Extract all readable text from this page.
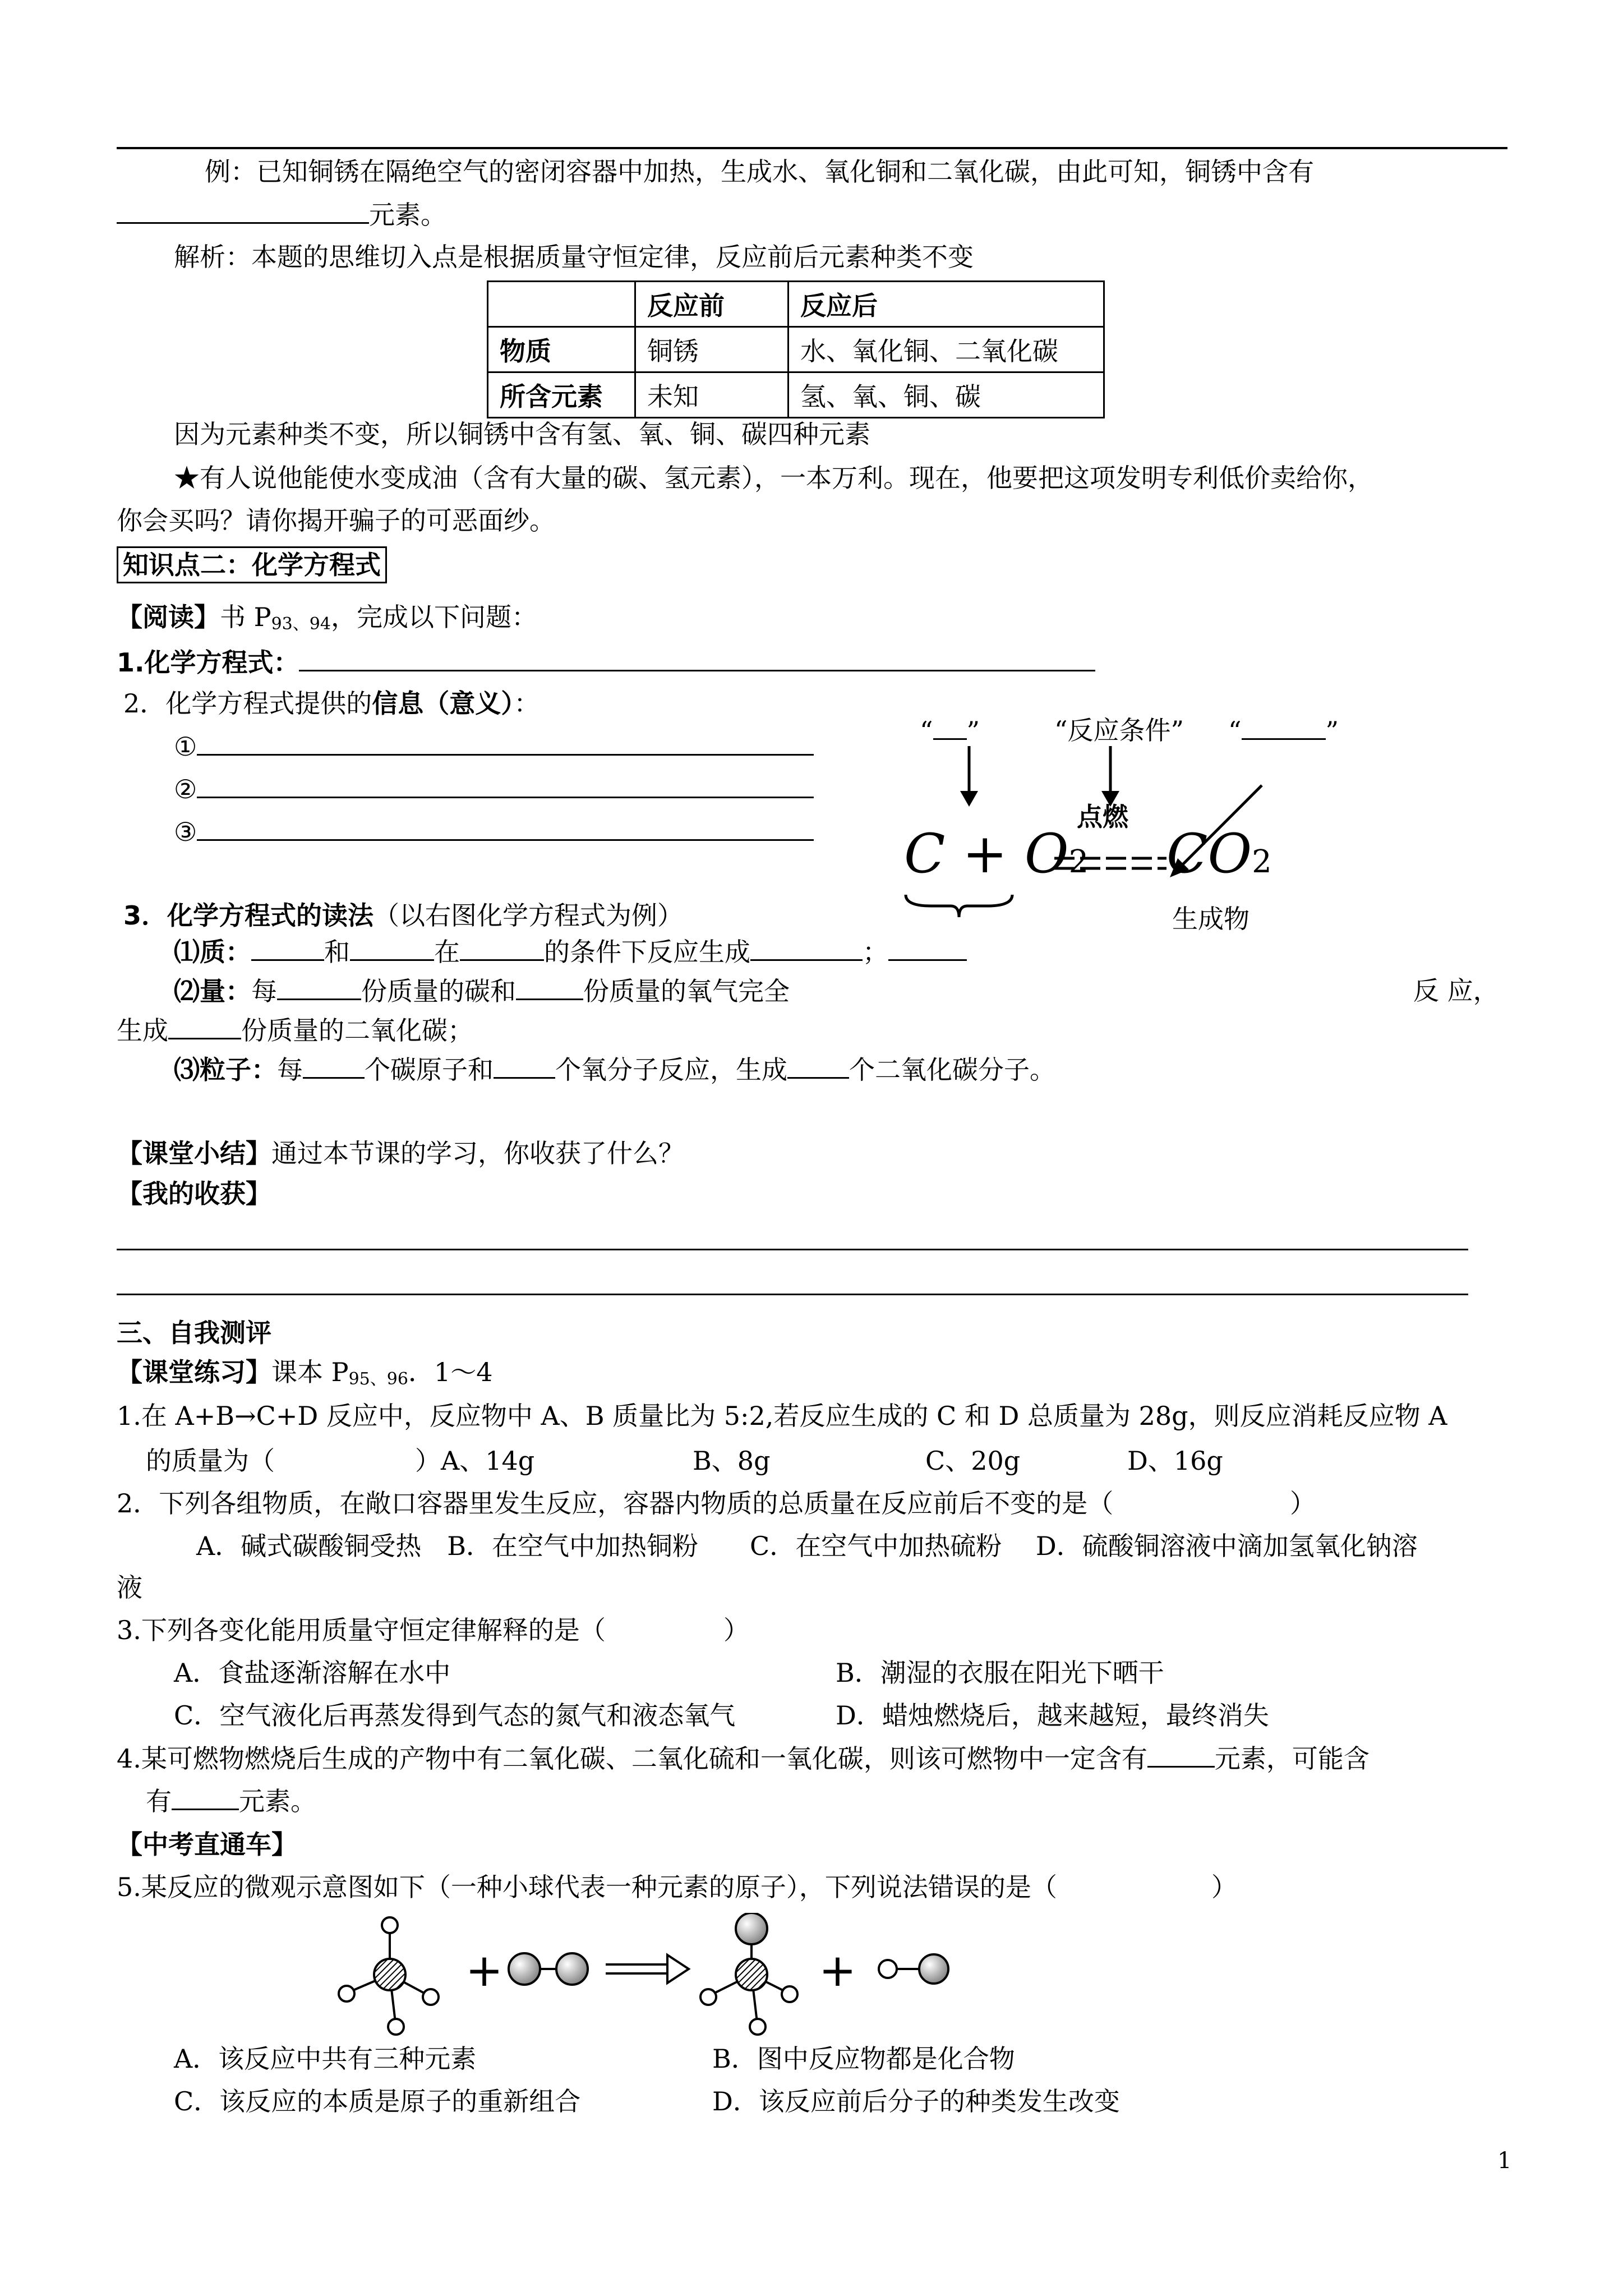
例：已知铜锈在隔绝空气的密闭容器中加热，生成水、氧化铜和二氧化碳，由此可知，铜锈中含有
元素。
解析：本题的思维切入点是根据质量守恒定律，反应前后元素种类不变
	反应前	反应后
物质	铜锈	水、氧化铜、二氧化碳
所含元素	未知	氢、氧、铜、碳
因为元素种类不变，所以铜锈中含有氢、氧、铜、碳四种元素
★有人说他能使水变成油（含有大量的碳、氢元素），一本万利。现在，他要把这项发明专利低价卖给你，
你会买吗？请你揭开骗子的可恶面纱。
知识点二：化学方程式
【阅读】书 $P_{93、94}$，完成以下问题：
1.化学方程式：
2．化学方程式提供的信息（意义）：
①
②
③
“ ”	“反应条件” “	”
点燃
C + O2 CO2
生成物
3．化学方程式的读法（以右图化学方程式为例）
⑴质：	和	在	的条件下反应生成	；
⑵量：每	份质量的碳和	份质量的氧气完全	反 应，
生成	份质量的二氧化碳；
⑶粒子：每 个碳原子和 个氧分子反应，生成 个二氧化碳分子。
【课堂小结】通过本节课的学习，你收获了什么？
【我的收获】
三、自我测评
【课堂练习】课本 $P_{95、96}$．1～4
1.在 A+B→C+D 反应中，反应物中 A、B 质量比为 5:2,若反应生成的 C 和 D 总质量为 28g，则反应消耗反应物 A
的质量为（	）A、14g	B、8g	C、20g	D、16g
2．下列各组物质，在敞口容器里发生反应，容器内物质的总质量在反应前后不变的是（	）
A．碱式碳酸铜受热　B．在空气中加热铜粉　　C．在空气中加热硫粉　 D．硫酸铜溶液中滴加氢氧化钠溶
液
3.下列各变化能用质量守恒定律解释的是（	）
A．食盐逐渐溶解在水中	B．潮湿的衣服在阳光下晒干
C．空气液化后再蒸发得到气态的氮气和液态氧气	D．蜡烛燃烧后，越来越短，最终消失
4.某可燃物燃烧后生成的产物中有二氧化碳、二氧化硫和一氧化碳，则该可燃物中一定含有	元素，可能含
有	元素。
【中考直通车】
5.某反应的微观示意图如下（一种小球代表一种元素的原子），下列说法错误的是（	）
+	+
A．该反应中共有三种元素	B．图中反应物都是化合物
C．该反应的本质是原子的重新组合	D．该反应前后分子的种类发生改变
1
